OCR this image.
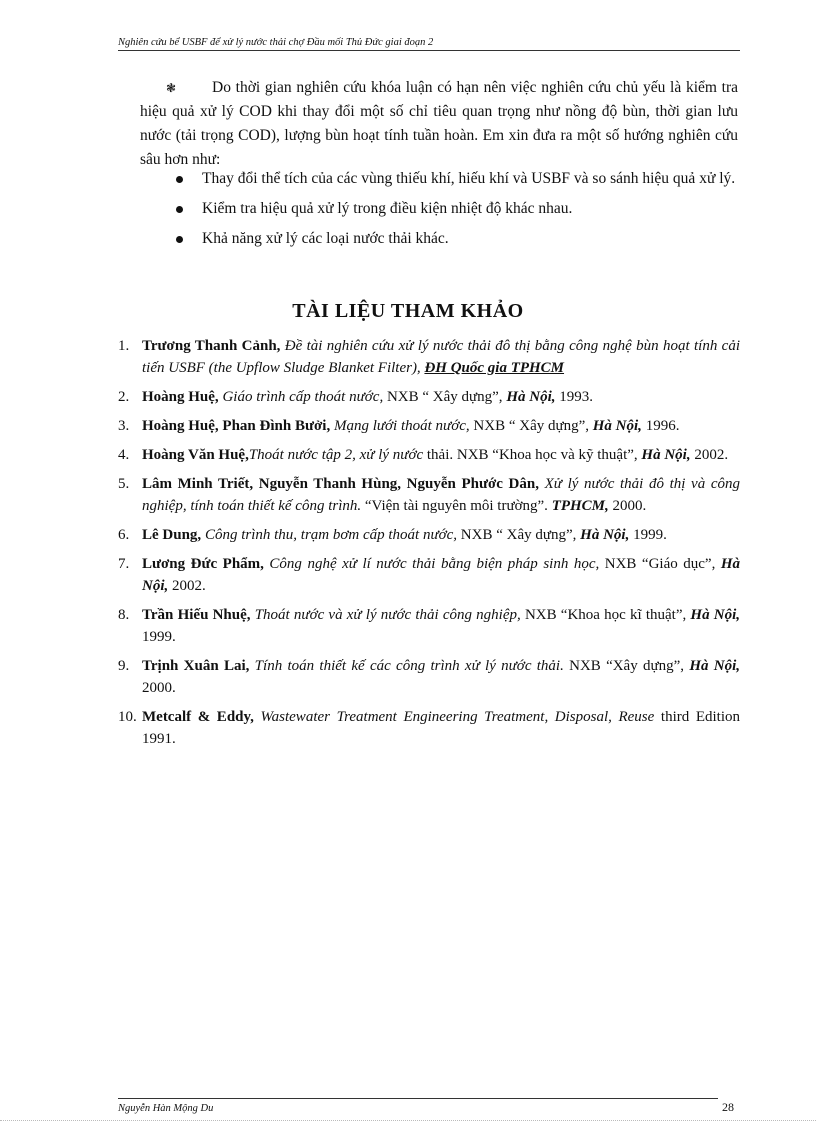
Nghiên cứu bể USBF để xử lý nước thải chợ Đầu mối Thủ Đức giai đoạn 2
❃ Do thời gian nghiên cứu khóa luận có hạn nên việc nghiên cứu chủ yếu là kiểm tra hiệu quả xử lý COD khi thay đổi một số chỉ tiêu quan trọng như nồng độ bùn, thời gian lưu nước (tải trọng COD), lượng bùn hoạt tính tuần hoàn. Em xin đưa ra một số hướng nghiên cứu sâu hơn như:
Thay đổi thể tích của các vùng thiếu khí, hiếu khí và USBF và so sánh hiệu quả xử lý.
Kiểm tra hiệu quả xử lý trong điều kiện nhiệt độ khác nhau.
Khả năng xử lý các loại nước thải khác.
TÀI LIỆU THAM KHẢO
1. Trương Thanh Cảnh, Đề tài nghiên cứu xử lý nước thải đô thị bằng công nghệ bùn hoạt tính cải tiến USBF (the Upflow Sludge Blanket Filter), ĐH Quốc gia TPHCM
2. Hoàng Huệ, Giáo trình cấp thoát nước, NXB “ Xây dựng”, Hà Nội, 1993.
3. Hoàng Huệ, Phan Đình Bưởi, Mạng lưới thoát nước, NXB “ Xây dựng”, Hà Nội, 1996.
4. Hoàng Văn Huệ,Thoát nước tập 2, xử lý nước thải. NXB “Khoa học và kỹ thuật”, Hà Nội, 2002.
5. Lâm Minh Triết, Nguyễn Thanh Hùng, Nguyễn Phước Dân, Xử lý nước thải đô thị và công nghiệp, tính toán thiết kế công trình. “Viện tài nguyên môi trường”. TPHCM, 2000.
6. Lê Dung, Công trình thu, trạm bơm cấp thoát nước, NXB “ Xây dựng”, Hà Nội, 1999.
7. Lương Đức Phẩm, Công nghệ xử lí nước thải bằng biện pháp sinh học, NXB “Giáo dục”, Hà Nội, 2002.
8. Trần Hiếu Nhuệ, Thoát nước và xử lý nước thải công nghiệp, NXB “Khoa học kĩ thuật”, Hà Nội, 1999.
9. Trịnh Xuân Lai, Tính toán thiết kế các công trình xử lý nước thải. NXB “Xây dựng”, Hà Nội, 2000.
10. Metcalf & Eddy, Wastewater Treatment Engineering Treatment, Disposal, Reuse third Edition 1991.
Nguyễn Hàn Mộng Du	28
